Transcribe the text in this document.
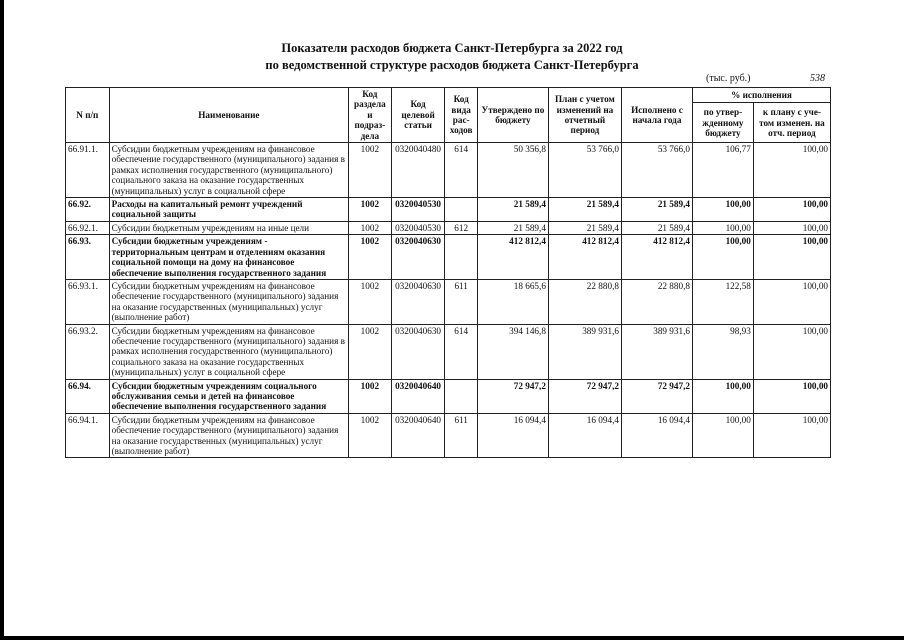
Показатели расходов бюджета Санкт-Петербурга за 2022 год
по ведомственной структуре расходов бюджета Санкт-Петербурга
(тыс. руб.)	538
N п/п	Наименование	Код раздела и подраз-дела	Код целевой статьи	Код вида рас-ходов	Утверждено по бюджету	План с учетом изменений на отчетный период	Исполнено с начала года	% исполнения	
								по утвер-жденному бюджету	к плану с уче-том изменен. на отч. период
66.91.1.	Субсидии бюджетным учреждениям на финансовое обеспечение государственного (муниципального) задания в рамках исполнения государственного (муниципального) социального заказа на оказание государственных (муниципальных) услуг в социальной сфере	1002	0320040480	614	50 356,8	53 766,0	53 766,0	106,77	100,00
66.92.	Расходы на капитальный ремонт учреждений социальной защиты	1002	0320040530		21 589,4	21 589,4	21 589,4	100,00	100,00
66.92.1.	Субсидии бюджетным учреждениям на иные цели	1002	0320040530	612	21 589,4	21 589,4	21 589,4	100,00	100,00
66.93.	Субсидии бюджетным учреждениям - территориальным центрам и отделениям оказания социальной помощи на дому на финансовое обеспечение выполнения государственного задания	1002	0320040630		412 812,4	412 812,4	412 812,4	100,00	100,00
66.93.1.	Субсидии бюджетным учреждениям на финансовое обеспечение государственного (муниципального) задания на оказание государственных (муниципальных) услуг (выполнение работ)	1002	0320040630	611	18 665,6	22 880,8	22 880,8	122,58	100,00
66.93.2.	Субсидии бюджетным учреждениям на финансовое обеспечение государственного (муниципального) задания в рамках исполнения государственного (муниципального) социального заказа на оказание государственных (муниципальных) услуг в социальной сфере	1002	0320040630	614	394 146,8	389 931,6	389 931,6	98,93	100,00
66.94.	Субсидии бюджетным учреждениям социального обслуживания семьи и детей на финансовое обеспечение выполнения государственного задания	1002	0320040640		72 947,2	72 947,2	72 947,2	100,00	100,00
66.94.1.	Субсидии бюджетным учреждениям на финансовое обеспечение государственного (муниципального) задания на оказание государственных (муниципальных) услуг (выполнение работ)	1002	0320040640	611	16 094,4	16 094,4	16 094,4	100,00	100,00
